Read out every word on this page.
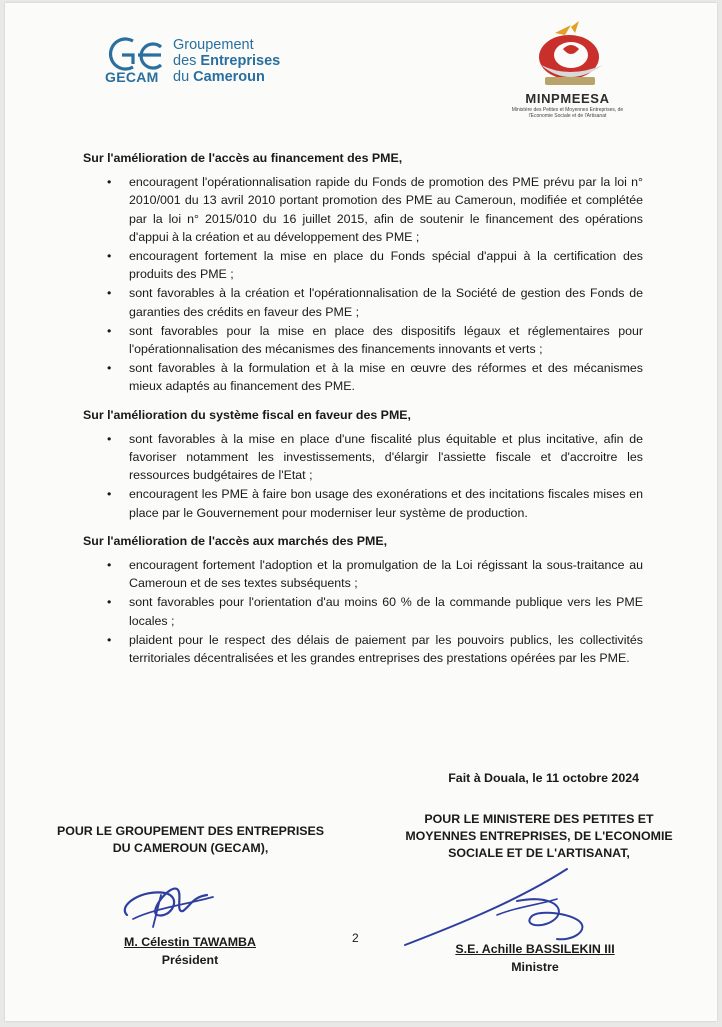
GECAM
Groupement
des Entreprises
du Cameroun
MINPMEESA
Ministère des Petites et Moyennes Entreprises, de l'Economie Sociale et de l'Artisanat
Sur l'amélioration de l'accès au financement des PME,
• encouragent l'opérationnalisation rapide du Fonds de promotion des PME prévu par la loi n° 2010/001 du 13 avril 2010 portant promotion des PME au Cameroun, modifiée et complétée par la loi n° 2015/010 du 16 juillet 2015, afin de soutenir le financement des opérations d'appui à la création et au développement des PME ;
• encouragent fortement la mise en place du Fonds spécial d'appui à la certification des produits des PME ;
• sont favorables à la création et l'opérationnalisation de la Société de gestion des Fonds de garanties des crédits en faveur des PME ;
• sont favorables pour la mise en place des dispositifs légaux et réglementaires pour l'opérationnalisation des mécanismes des financements innovants et verts ;
• sont favorables à la formulation et à la mise en œuvre des réformes et des mécanismes mieux adaptés au financement des PME.
Sur l'amélioration du système fiscal en faveur des PME,
• sont favorables à la mise en place d'une fiscalité plus équitable et plus incitative, afin de favoriser notamment les investissements, d'élargir l'assiette fiscale et d'accroitre les ressources budgétaires de l'Etat ;
• encouragent les PME à faire bon usage des exonérations et des incitations fiscales mises en place par le Gouvernement pour moderniser leur système de production.
Sur l'amélioration de l'accès aux marchés des PME,
• encouragent fortement l'adoption et la promulgation de la Loi régissant la sous-traitance au Cameroun et de ses textes subséquents ;
• sont favorables pour l'orientation d'au moins 60 % de la commande publique vers les PME locales ;
• plaident pour le respect des délais de paiement par les pouvoirs publics, les collectivités territoriales décentralisées et les grandes entreprises des prestations opérées par les PME.
Fait à Douala, le 11 octobre 2024
POUR LE GROUPEMENT DES ENTREPRISES
DU CAMEROUN (GECAM),
M. Célestin TAWAMBA
Président
2
POUR LE MINISTERE DES PETITES ET
MOYENNES ENTREPRISES, DE L'ECONOMIE
SOCIALE ET DE L'ARTISANAT,
S.E. Achille BASSILEKIN III
Ministre
